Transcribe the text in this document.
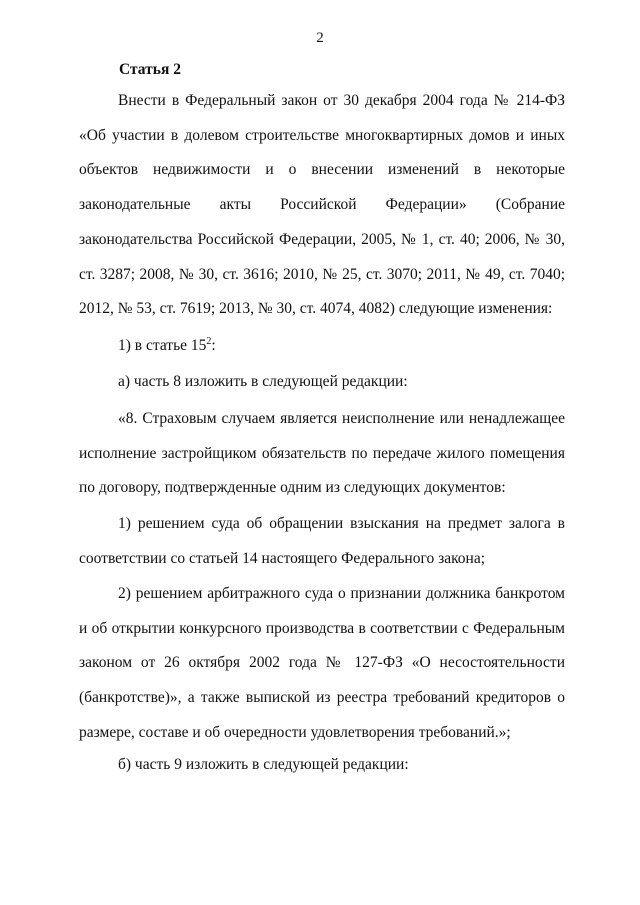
2
Статья 2

Внести в Федеральный закон от 30 декабря 2004 года № 214-ФЗ «Об участии в долевом строительстве многоквартирных домов и иных объектов недвижимости и о внесении изменений в некоторые законодательные акты Российской Федерации» (Собрание законодательства Российской Федерации, 2005, № 1, ст. 40; 2006, № 30, ст. 3287; 2008, № 30, ст. 3616; 2010, № 25, ст. 3070; 2011, № 49, ст. 7040; 2012, № 53, ст. 7619; 2013, № 30, ст. 4074, 4082) следующие изменения:

1) в статье $15^2$:
а) часть 8 изложить в следующей редакции:

«8. Страховым случаем является неисполнение или ненадлежащее исполнение застройщиком обязательств по передаче жилого помещения по договору, подтвержденные одним из следующих документов:

1) решением суда об обращении взыскания на предмет залога в соответствии со статьей 14 настоящего Федерального закона;

2) решением арбитражного суда о признании должника банкротом и об открытии конкурсного производства в соответствии с Федеральным законом от 26 октября 2002 года № 127-ФЗ «О несостоятельности (банкротстве)», а также выпиской из реестра требований кредиторов о размере, составе и об очередности удовлетворения требований.»;

б) часть 9 изложить в следующей редакции:
